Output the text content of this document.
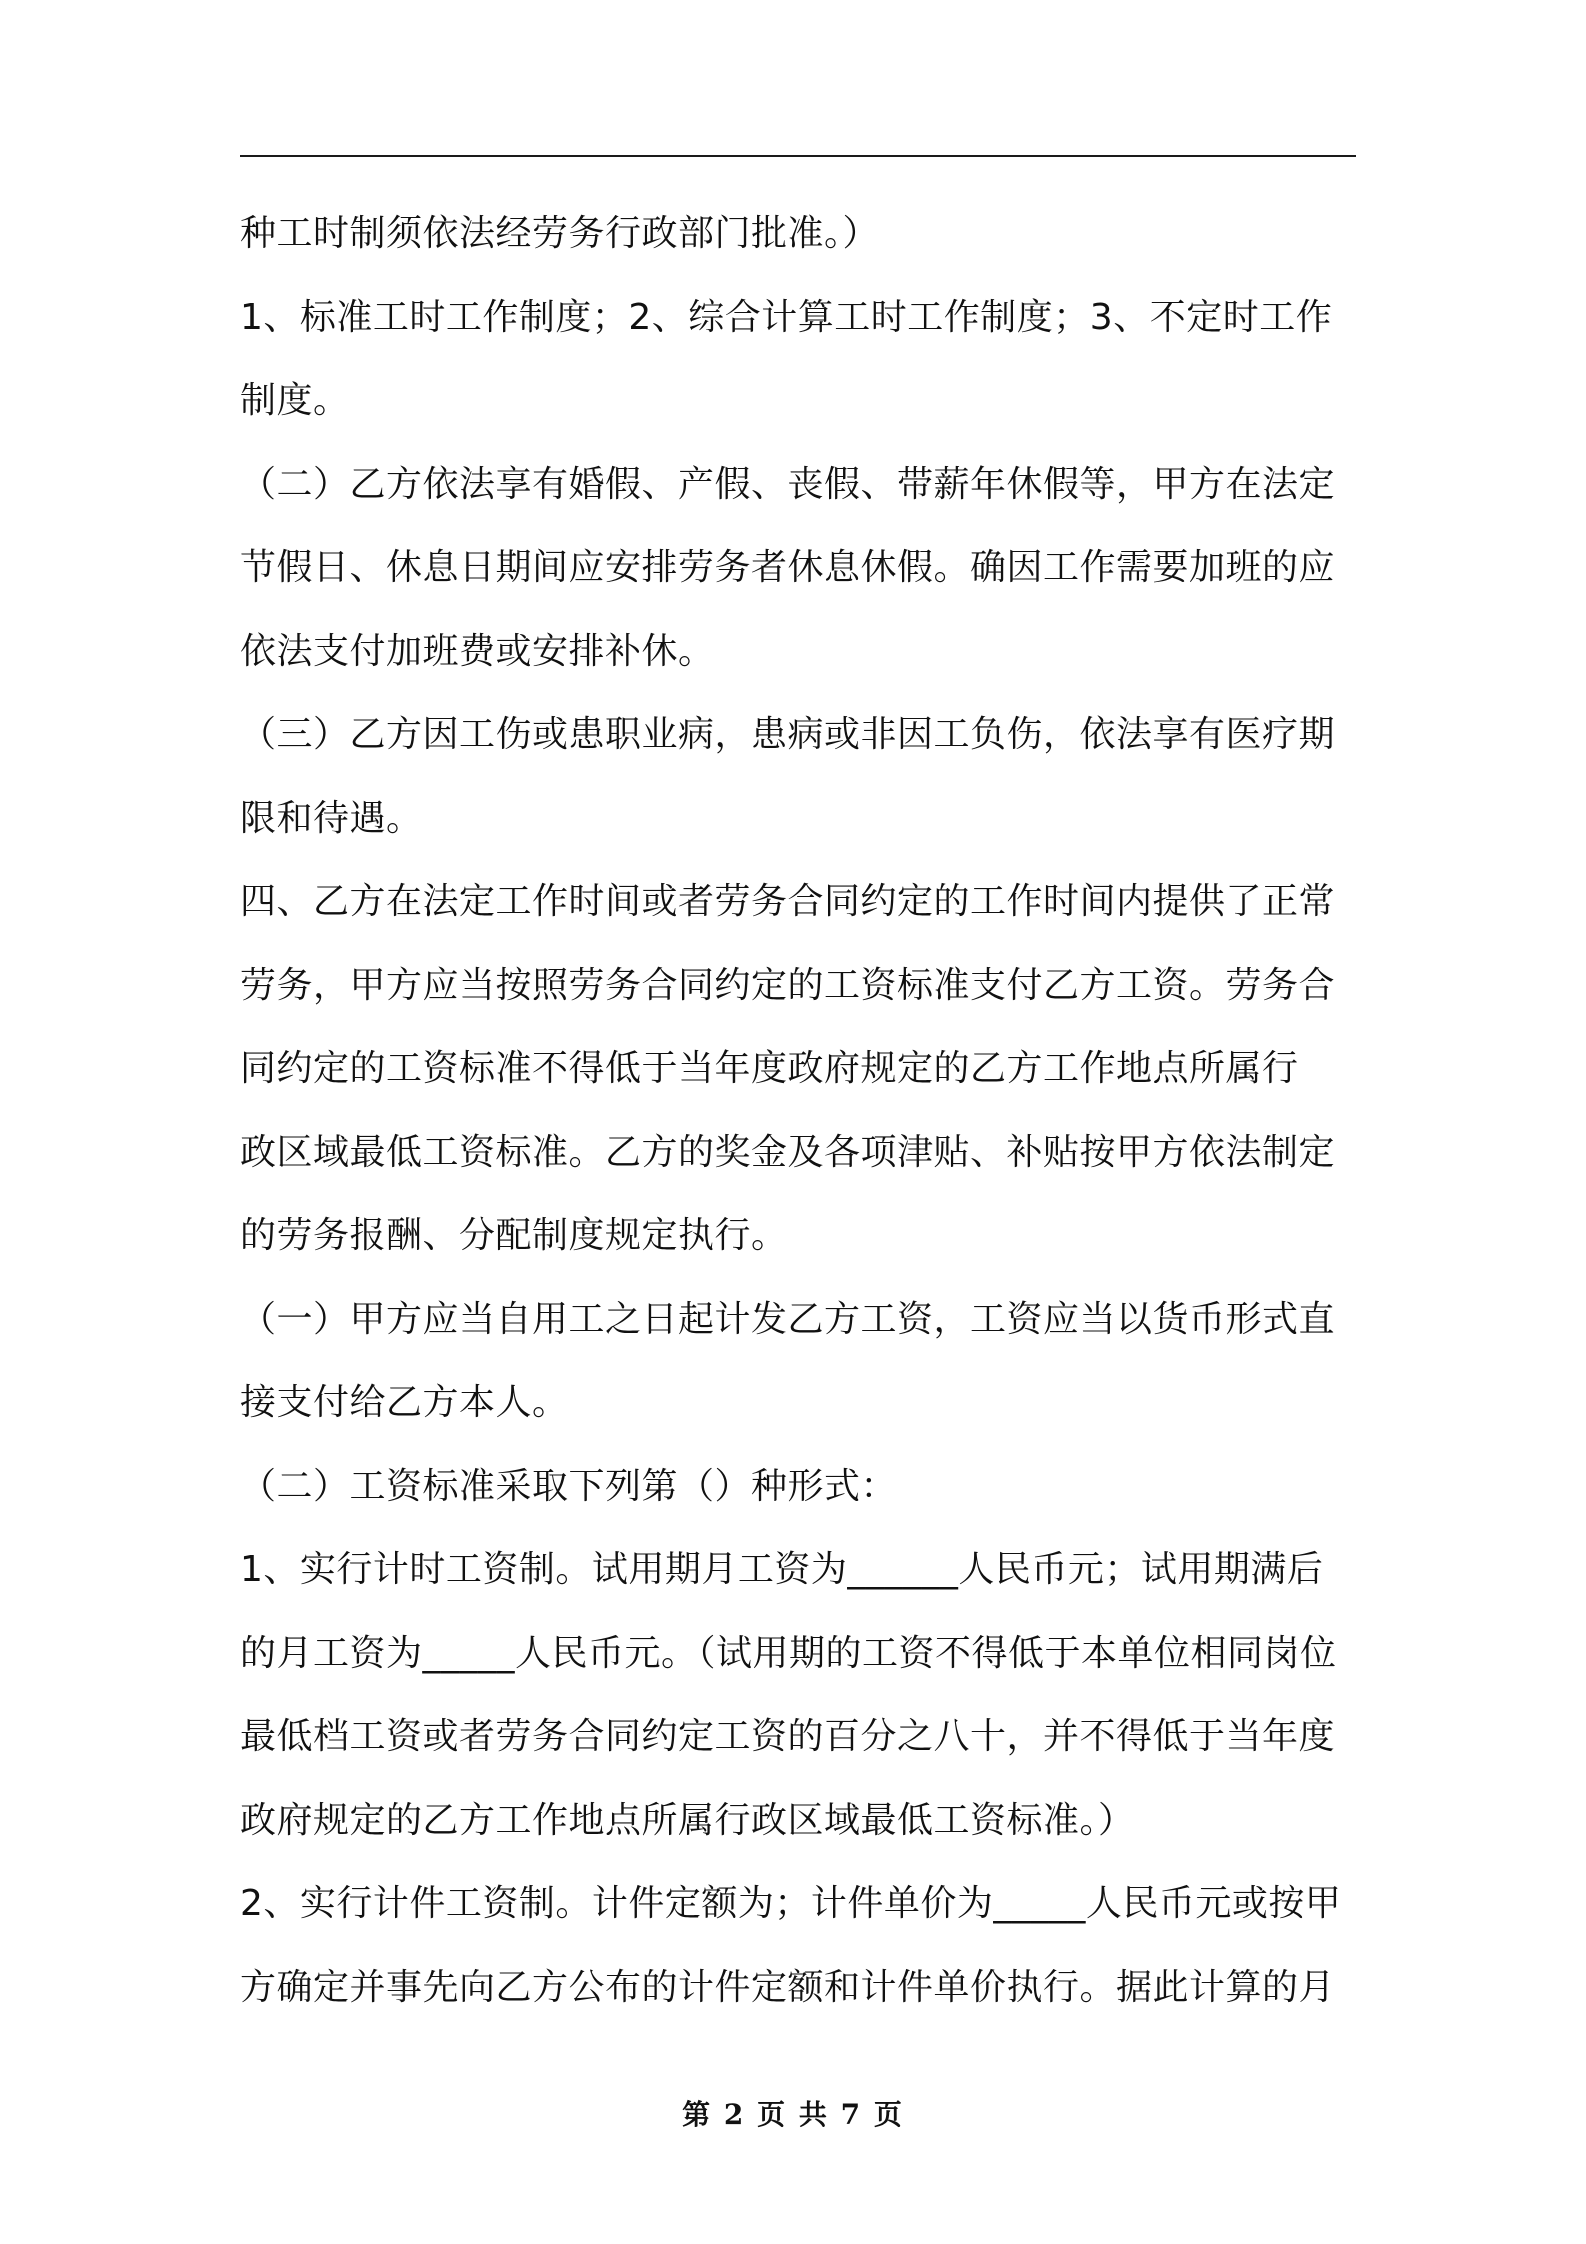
种工时制须依法经劳务行政部门批准。）
1、标准工时工作制度；2、综合计算工时工作制度；3、不定时工作
制度。
（二）乙方依法享有婚假、产假、丧假、带薪年休假等，甲方在法定
节假日、休息日期间应安排劳务者休息休假。确因工作需要加班的应
依法支付加班费或安排补休。
（三）乙方因工伤或患职业病，患病或非因工负伤，依法享有医疗期
限和待遇。
四、乙方在法定工作时间或者劳务合同约定的工作时间内提供了正常
劳务，甲方应当按照劳务合同约定的工资标准支付乙方工资。劳务合
同约定的工资标准不得低于当年度政府规定的乙方工作地点所属行
政区域最低工资标准。乙方的奖金及各项津贴、补贴按甲方依法制定
的劳务报酬、分配制度规定执行。
（一）甲方应当自用工之日起计发乙方工资，工资应当以货币形式直
接支付给乙方本人。
（二）工资标准采取下列第（）种形式：
1、实行计时工资制。试用期月工资为______人民币元；试用期满后
的月工资为_____人民币元。（试用期的工资不得低于本单位相同岗位
最低档工资或者劳务合同约定工资的百分之八十，并不得低于当年度
政府规定的乙方工作地点所属行政区域最低工资标准。）
2、实行计件工资制。计件定额为；计件单价为_____人民币元或按甲
方确定并事先向乙方公布的计件定额和计件单价执行。据此计算的月
第 2 页 共 7 页
